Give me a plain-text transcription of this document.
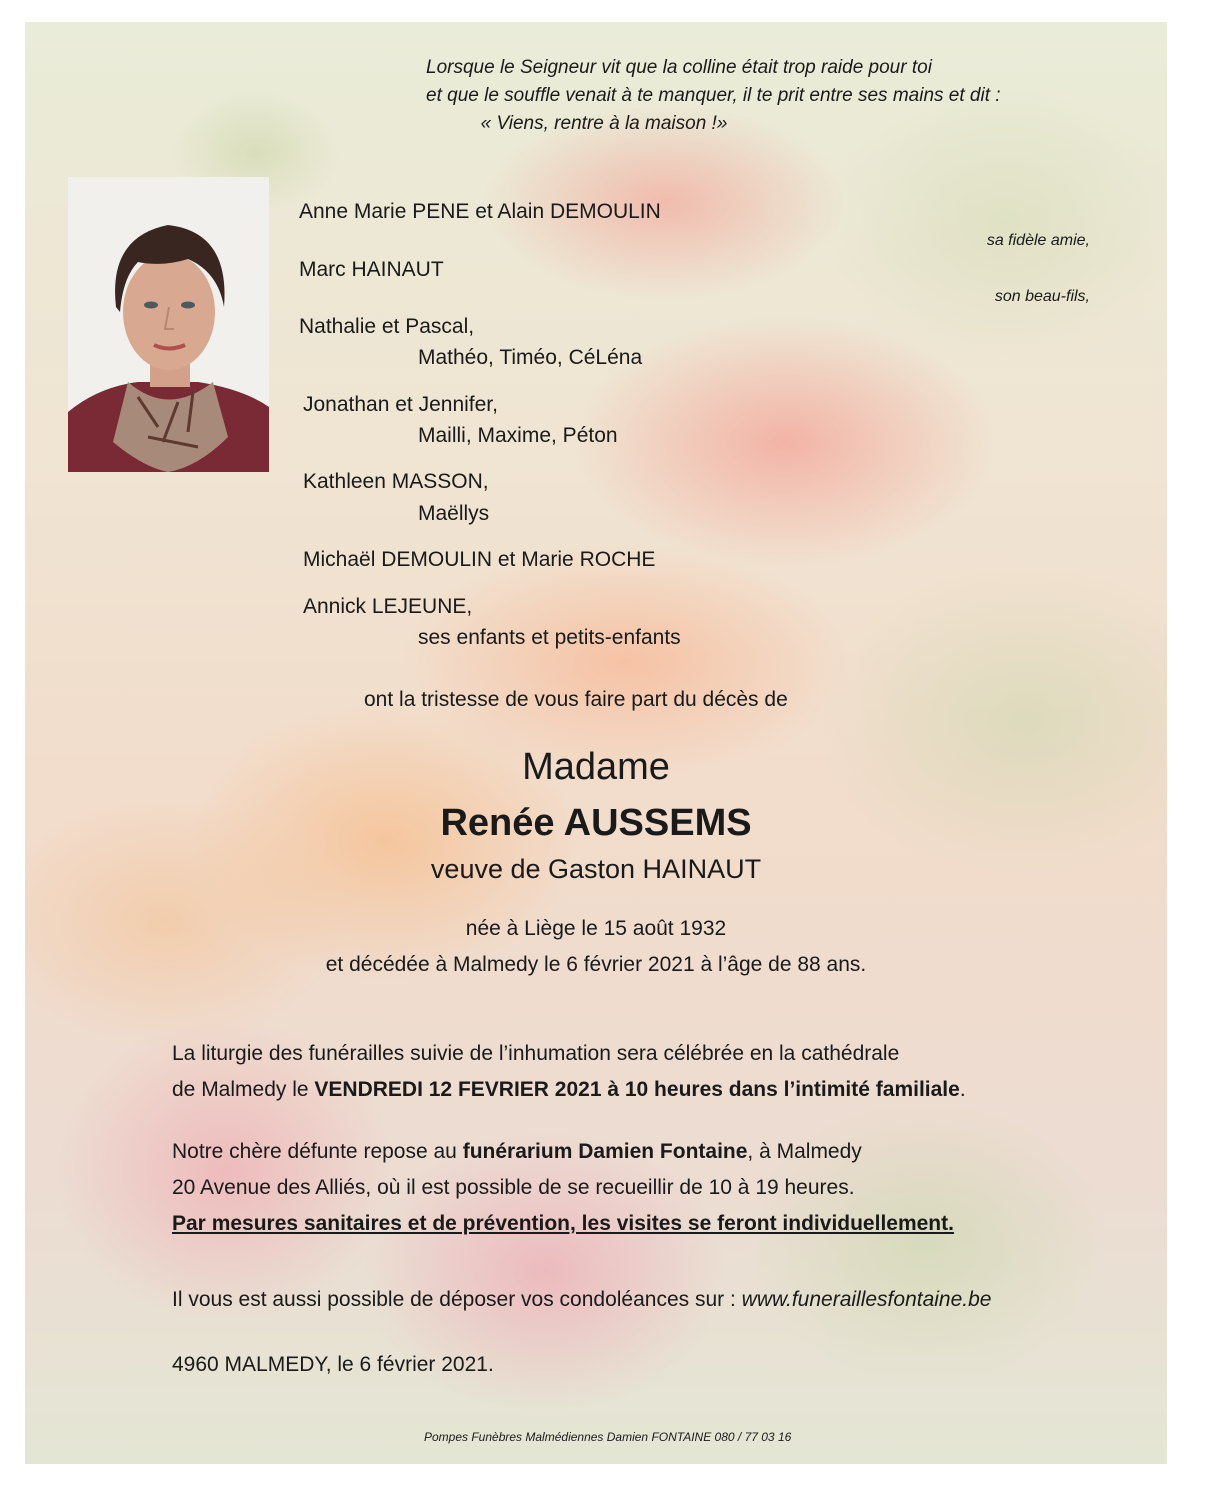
Lorsque le Seigneur vit que la colline était trop raide pour toi

et que le souffle venait à te manquer, il te prit entre ses mains et dit :

« Viens, rentre à la maison !»

Anne Marie PENE et Alain DEMOULIN

sa fidèle amie,

Marc HAINAUT

son beau-fils,

Nathalie et Pascal,

Mathéo, Timéo, CéLéna

Jonathan et Jennifer,

Mailli, Maxime, Péton

Kathleen MASSON,

Maëllys

Michaël DEMOULIN et Marie ROCHE

Annick LEJEUNE,

ses enfants et petits-enfants

ont la tristesse de vous faire part du décès de

Madame

Renée AUSSEMS

veuve de Gaston HAINAUT

née à Liège le 15 août 1932

et décédée à Malmedy le 6 février 2021 à l’âge de 88 ans.

La liturgie des funérailles suivie de l’inhumation sera célébrée en la cathédrale
de Malmedy le VENDREDI 12 FEVRIER 2021 à 10 heures dans l’intimité familiale.
Notre chère défunte repose au funérarium Damien Fontaine, à Malmedy
20 Avenue des Alliés, où il est possible de se recueillir de 10 à 19 heures.
Par mesures sanitaires et de prévention, les visites se feront individuellement.
Il vous est aussi possible de déposer vos condoléances sur : www.funeraillesfontaine.be

4960 MALMEDY, le 6 février 2021.

Pompes Funèbres Malmédiennes Damien FONTAINE 080 / 77 03 16
